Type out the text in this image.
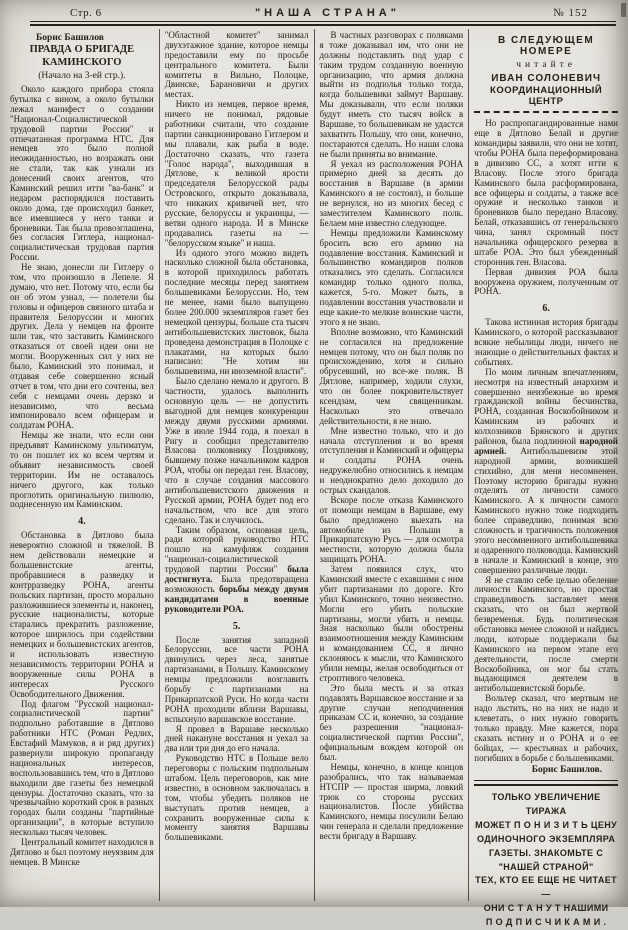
Стр. 6	"НАША СТРАНА"	№ 152

Борис Башилов

ПРАВДА О БРИГАДЕ КАМИНСКОГО

(Начало на 3-ей стр.).

Около каждого прибора стояла бутылка с вином, а около бутылки лежал манифест о создании "Национал-Социалистической трудовой партии России" и отпечатанная программа НТС. Для немцев это было полной неожиданностью, но возражать они не стали, так как узнали из донесений своих агентов, что Каминский решил итти "ва-банк" и недаром распорядился поставить около дома, где происходил банкет, все имевшиеся у него танки и броневики. Так была провозглашена, без согласия Гитлера, национал-социалистическая трудовая партия России.

Не знаю, донесли ли Гитлеру о том, что произошло в Лепеле. Я думаю, что нет. Потому что, если бы он об этом узнал, — полетели бы головы и офицеров связного штаба и правителя Белоруссии и многих других. Дела у немцев на фронте шли так, что заставить Каминского отказаться от своей идеи они не могли. Вооруженных сил у них не было, Каминский это понимал, и отдавая себе совершенно ясный отчет в том, что дни его сочтены, вел себя с немцами очень дерзко и независимо, что весьма импонировало всем офицерам и солдатам РОНА.

Немцы же знали, что если они предъявят Каминскому ультиматум, то он пошлет их ко всем чертям и объявит независимость своей территории. Им не оставалось ничего другого, как только проглотить оригинальную пилюлю, поднесенную им Каминским.

4.

Обстановка в Дятлово была невероятно сложной и тяжелой. В нем действовали немецкие и большевистские агенты, пробравшиеся в разведку и контрразведку РОНА, агенты польских партизан, просто морально разложившиеся элементы и, наконец, русские националисты, которые старались прекратить разложение, которое ширилось при содействии немецких и большевистских агентов, и использовать известную независимость территории РОНА и вооруженные силы РОНА в интересах Русского Освободительного Движения.

Под флагом "Русской национал-социалистической партии" подпольно работавшие в Дятлово работники НТС (Роман Редлих, Евстафий Мамуков, я и ряд других) развернули широкую пропаганду национальных интересов, воспользовавшись тем, что в Дятлово выходили две газеты без немецкой цензуры. Достаточно сказать, что за чрезвычайно короткий срок в разных городах были созданы "партийные организации", в которые вступило несколько тысяч человек.

Центральный комитет находился в Дятлово и был поэтому неуязвим для немцев. В Минске

"Областной комитет" занимал двухэтажное здание, которое немцы предоставили ему по просьбе центрального комитета. Были комитеты в Вильно, Полоцке, Двинске, Барановичи и других местах.

Никто из немцев, первое время, ничего не понимал, рядовые работники считали, что создание партии санкционировано Гитлером и мы плавали, как рыба в воде. Достаточно сказать, что газета "Голос народа", выходившая в Дятлове, к великой ярости председателя Белорусской рады Островского, открыто доказывала, что никаких кривичей нет, что русские, белоруссы и украинцы, — ветви одного народа. И в Минске продавались газеты на — "белорусском языке" и наша.

Из одного этого можно видеть насколько сложной была обстановка, в которой приходилось работать последние месяцы перед занятием большевиками Белоруссии. Но, тем не менее, нами было выпущено более 200.000 экземпляров газет без немецкой цензуры, больше ста тысяч антибольшевистских листовок, была проведена демонстрация в Полоцке с плакатами, на которых было написано: "Не хотим ни большевизма, ни иноземной власти".

Было сделано немало и другого. В частности, удалось выполнить основную цель — не допустить выгодной для немцев конкуренции между двумя русскими армиями. Уже в июле 1944 года, я поехал в Ригу и сообщил представителю Власова полковнику Позднякову, бывшему позже начальником кадров РОА, чтобы он передал ген. Власову, что в случае создания массового антибольшевистского движения и Русской армии, РОНА будет под его начальством, что все для этого сделано. Так и случилось.

Таким образом, основная цель, ради которой руководство НТС пошло на камуфляж создания "национал-социалистической трудовой партии России" была достигнута. Была предотвращена возможность борьбы между двумя кандидатами в военные руководители РОА.

5.

После занятия западной Белоруссии, все части РОНА двинулись через леса, занятые партизанами, в Польшу. Каминскому немцы предложили возглавить борьбу с партизанами на Прикарпатской Руси. Но когда части РОНА проходили вблизи Варшавы, вспыхнуло варшавское восстание.

Я провел в Варшаве несколько дней накануне восстания и уехал за два или три дня до его начала.

Руководство НТС в Польше вело переговоры с польским подпольным штабом. Цель переговоров, как мне известно, в основном заключалась в том, чтобы убедить поляков не выступать против немцев, а сохранить вооруженные силы к моменту занятия Варшавы большевиками.

В частных разговорах с поляками я тоже доказывал им, что они не должны подставлять под удар с таким трудом созданную военную организацию, что армия должна выйти из подполья только тогда, когда большевики займут Варшаву. Мы доказывали, что если поляки будут иметь сто тысяч войск в Варшаве, то большевикам не удастся захватить Польшу, что они, конечно, постараются сделать. Но наши слова не были приняты во внимание.

Я уехал из расположения РОНА примерно дней за десять до восстания в Варшаве (в армии Каминского я не состоял), и больше не вернулся, но из многих бесед с заместителем Каминского полк. Белаем мне известно следующее.

Немцы предложили Каминскому бросить всю его армию на подавление восстания. Каминский и большинство командиров полков отказались это сделать. Согласился командир только одного полка, кажется, 5-го. Может быть, в подавлении восстания участвовали и еще какие-то мелкие воинские части, этого я не знаю.

Вполне возможно, что Каминский не согласился на предложение немцев потому, что он был поляк по происхождению, хотя и сильно обрусевший, но все-же поляк. В Дятлове, например, ходили слухи, что он более покровительствует ксендзам, чем священникам. Насколько это отвечало действительности, я не знаю.

Мне известно только, что и до начала отступления и во время отступления и Каминский и офицеры и солдаты РОНА очень недружелюбно относились к немцам и неоднократно дело доходило до острых скандалов.

Вскоре после отказа Каминского от помощи немцам в Варшаве, ему было предложено выехать на автомобиле из Польши в Прикарпатскую Русь — для осмотра местности, которую должна была защищать РОНА.

Затем появился слух, что Каминский вместе с ехавшими с ним убит партизанами по дороге. Кто убил Каминского, точно неизвестно. Могли его убить польские партизаны, могли убить и немцы. Зная насколько были обострены взаимоотношения между Каминским и командованием СС, я лично склоняюсь к мысли, что Каминского убили немцы, желая освободиться от строптивого человека.

Это была месть и за отказ подавлять Варшавское восстание и за другие случаи неподчинения приказам СС и, конечно, за создание без разрешения "национал-социалистической партии России", официальным вождем которой он был.

Немцы, конечно, в конце концов разобрались, что так называемая НТСПР — простая ширма, ловкий трюк со стороны русских националистов. После убийства Каминского, немцы посулили Белаю чин генерала и сделали предложение вести бригаду в Варшаву.

В СЛЕДУЮЩЕМ НОМЕРЕ

читайте

ИВАН СОЛОНЕВИЧ

КООРДИНАЦИОННЫЙ ЦЕНТР

Но распропагандированные нами еще в Дятлово Белай и другие командиры заявили, что они не хотят, чтобы РОНА была переформирована в дивизию СС, а хотят итти к Власову. После этого бригада Каминского была расформирована, все офицеры и солдаты, а также все оружие и несколько танков и броневиков было передано Власову. Белай, отказавшись от генеральского чина, занял скромный пост начальника офицерского резерва в штабе РОА. Это был убежденный сторонник ген. Власова.

Первая дивизия РОА была вооружена оружием, полученным от РОНА.

6.

Такова истинная история бригады Каминского, о которой рассказывают всякие небылицы люди, ничего не знающие о действительных фактах и событиях.

По моим личным впечатлениям, несмотря на известный анархизм и совершенно неизбежные во время гражданской войны бесчинства, РОНА, созданная Воскобойником и Каминским из рабочих и колхозников Брянского и других районов, была подлинной народной армией. Антибольшевизм этой народной армии, возникшей стихийно, для меня несомненен. Поэтому историю бригады нужно отделять от личности самого Каминского. А к личности самого Каминского нужно тоже подходить более справедливо, понимая всю сложность и трагичность положения этого несомненного антибольшевика и одаренного полководца. Каминский в начале и Каминский в конце, это совершенно различные люди.

Я не ставлю себе целью обеление личности Каминского, но простая справедливость заставляет меня сказать, что он был жертвой безвременья. Будь политическая обстановка менее сложной и найдись люди, которые поддержали бы Каминского на первом этапе его деятельности, после смерти Воскобойника, он мог бы стать выдающимся деятелем в антибольшевистской борьбе.

Вольтер сказал, что мертвым не надо льстить, но на них не надо и клеветать, о них нужно говорить только правду. Мне кажется, пора сказать истину и о РОНА и о ее бойцах, — крестьянах и рабочих, погибших в борьбе с большевиками.

Борис Башилов.

ТОЛЬКО УВЕЛИЧЕНИЕ ТИРАЖА

МОЖЕТ П О Н И З И Т Ь ЦЕНУ

ОДИНОЧНОГО ЭКЗЕМПЛЯРА

ГАЗЕТЫ. ЗНАКОМЬТЕ С

"НАШЕЙ СТРАНОЙ"

ТЕХ, КТО ЕЕ ЕЩЕ НЕ ЧИТАЕТ —

ОНИ С Т А Н У Т НАШИМИ

П О Д П И С Ч И К А М И .
